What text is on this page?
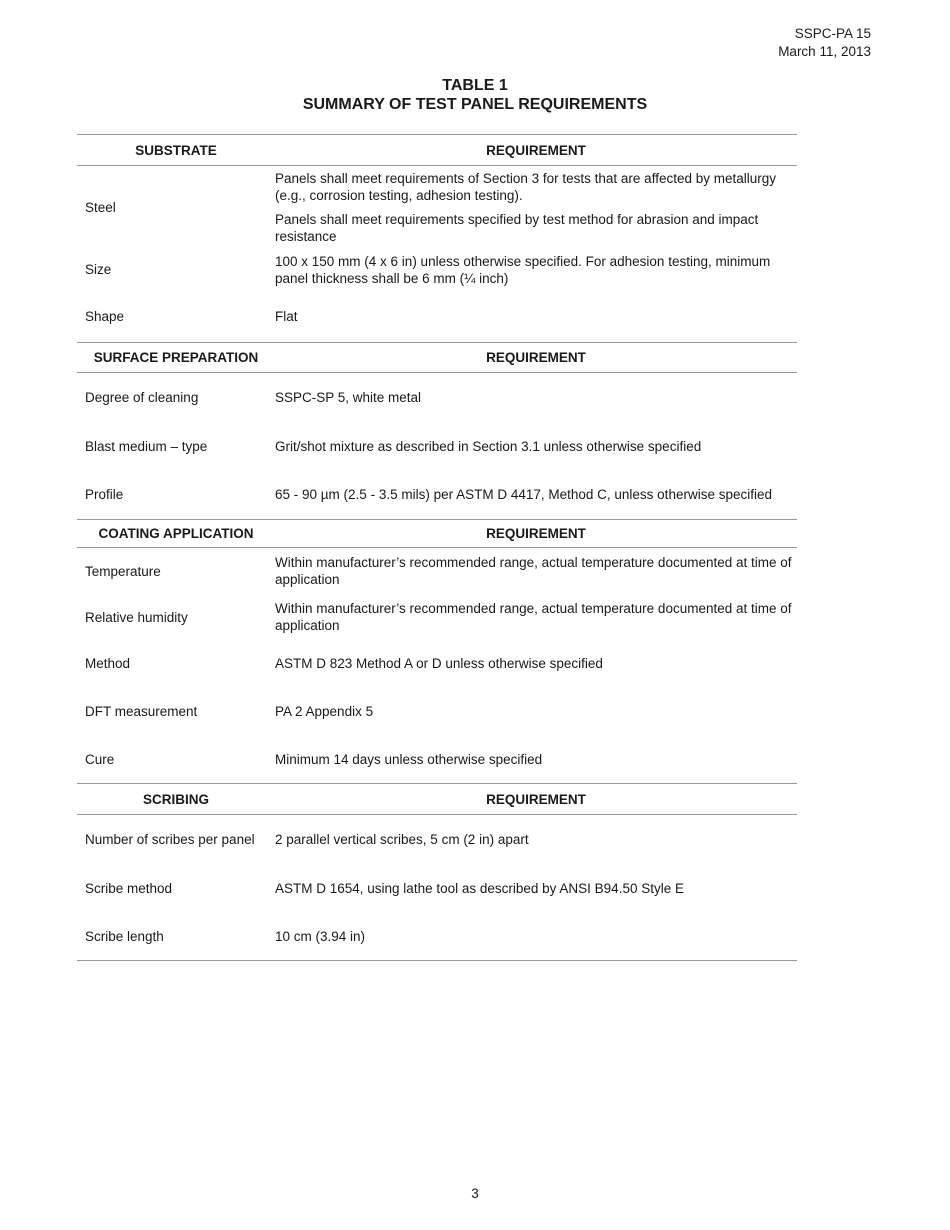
SSPC-PA 15
March 11, 2013
TABLE 1
SUMMARY OF TEST PANEL REQUIREMENTS
SUBSTRATE	REQUIREMENT
Steel	Panels shall meet requirements of Section 3 for tests that are affected by metallurgy (e.g., corrosion testing, adhesion testing).
Panels shall meet requirements specified by test method for abrasion and impact resistance

Size	100 x 150 mm (4 x 6 in) unless otherwise specified. For adhesion testing, minimum panel thickness shall be 6 mm (¼ inch)
Shape	Flat
SURFACE PREPARATION	REQUIREMENT
Degree of cleaning	SSPC-SP 5, white metal
Blast medium – type	Grit/shot mixture as described in Section 3.1 unless otherwise specified
Profile	65 - 90 µm (2.5 - 3.5 mils) per ASTM D 4417, Method C, unless otherwise specified
COATING APPLICATION	REQUIREMENT
Temperature	Within manufacturer’s recommended range, actual temperature documented at time of application
Relative humidity	Within manufacturer’s recommended range, actual temperature documented at time of application
Method	ASTM D 823 Method A or D unless otherwise specified
DFT measurement	PA 2 Appendix 5
Cure	Minimum 14 days unless otherwise specified
SCRIBING	REQUIREMENT
Number of scribes per panel	2 parallel vertical scribes, 5 cm (2 in) apart
Scribe method	ASTM D 1654, using lathe tool as described by ANSI B94.50 Style E
Scribe length	10 cm (3.94 in)
3
